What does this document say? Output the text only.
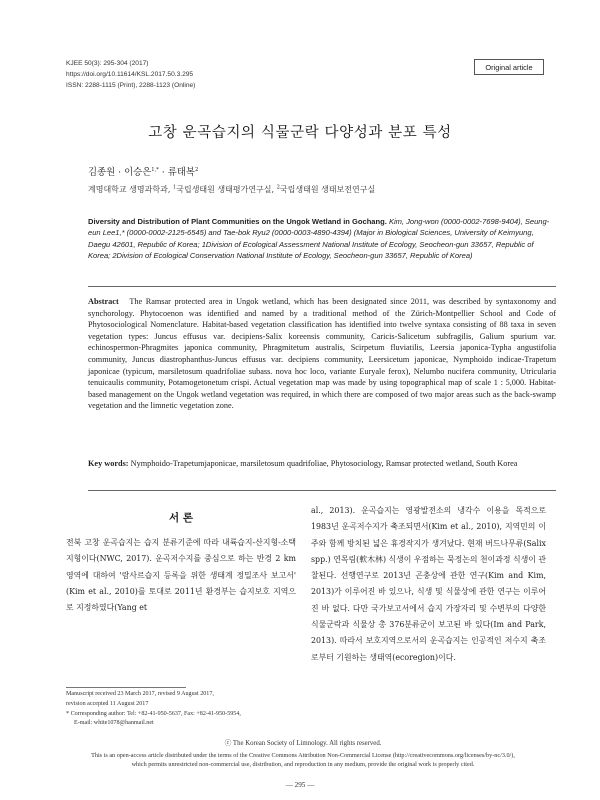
KJEE 50(3): 295-304 (2017)
https://doi.org/10.11614/KSL.2017.50.3.295
ISSN: 2288-1115 (Print), 2288-1123 (Online)
Original article
고창 운곡습지의 식물군락 다양성과 분포 특성
김종원 · 이승은$^{1,*}$ · 류태복$^2$
계명대학교 생명과학과, $^1$국립생태원 생태평가연구실, $^2$국립생태원 생태보전연구실
Diversity and Distribution of Plant Communities on the Ungok Wetland in Gochang. Kim, Jong-won (0000-0002-7698-9404), Seung-eun Lee1,* (0000-0002-2125-6545) and Tae-bok Ryu2 (0000-0003-4890-4394) (Major in Biological Sciences, University of Keimyung, Daegu 42601, Republic of Korea; 1Division of Ecological Assessment National Institute of Ecology, Seocheon-gun 33657, Republic of Korea; 2Division of Ecological Conservation National Institute of Ecology, Seocheon-gun 33657, Republic of Korea)
Abstract The Ramsar protected area in Ungok wetland, which has been designated since 2011, was described by syntaxonomy and synchorology. Phytocoenon was identified and named by a traditional method of the Zürich-Montpellier School and Code of Phytosociological Nomenclature. Habitat-based vegetation classification has identified into twelve syntaxa consisting of 88 taxa in seven vegetation types: Juncus effusus var. decipiens-Salix koreensis community, Caricis-Salicetum subfragilis, Galium spurium var. echinospermon-Phragmites japonica community, Phragmitetum australis, Scirpetum fluviatilis, Leersia japonica-Typha angustifolia community, Juncus diastrophanthus-Juncus effusus var. decipiens community, Leersicetum japonicae, Nymphoido indicae-Trapetum japonicae (typicum, marsiletosum quadrifoliae subass. nova hoc loco, variante Euryale ferox), Nelumbo nucifera community, Utricularia tenuicaulis community, Potamogetonetum crispi. Actual vegetation map was made by using topographical map of scale 1 : 5,000. Habitat-based management on the Ungok wetland vegetation was required, in which there are composed of two major areas such as the back-swamp vegetation and the limnetic vegetation zone.
Key words: Nymphoido-Trapetumjaponicae, marsiletosum quadrifoliae, Phytosociology, Ramsar protected wetland, South Korea
서 론
전북 고창 운곡습지는 습지 분류기준에 따라 내륙습지-산지형-소택지형이다(NWC, 2017). 운곡저수지를 중심으로 하는 반경 2 km 영역에 대하여 '람사르습지 등록을 위한 생태계 정밀조사 보고서' (Kim et al., 2010)를 토대로 2011년 환경부는 습지보호 지역으로 지정하였다(Yang et
al., 2013). 운곡습지는 영광발전소의 냉각수 이용을 목적으로 1983년 운곡저수지가 축조되면서(Kim et al., 2010), 지역민의 이주와 함께 방치된 넓은 휴경작지가 생겨났다. 현재 버드나무류(Salix spp.) 연목림(軟木林) 식생이 우점하는 묵정논의 천이과정 식생이 관찰된다. 선행연구로 2013년 곤충상에 관한 연구(Kim and Kim, 2013)가 이루어진 바 있으나, 식생 및 식물상에 관한 연구는 이루어진 바 없다. 다만 국가보고서에서 습지 가장자리 및 수변부의 다양한 식물군락과 식물상 총 376분류군이 보고된 바 있다(Im and Park, 2013). 따라서 보호지역으로서의 운곡습지는 인공적인 저수지 축조로부터 기원하는 생태역(ecoregion)이다.
Manuscript received 23 March 2017, revised 9 August 2017,
revision accepted 11 August 2017
* Corresponding author: Tel: +82-41-950-5637, Fax: +82-41-950-5954,
E-mail: white1078@hanmail.net
ⓒ The Korean Society of Limnology. All rights reserved.
This is an open-access article distributed under the terms of the Creative Commons Attribution Non-Commercial License (http://creativecommons.org/licenses/by-nc/3.0/),
which permits unrestricted non-commercial use, distribution, and reproduction in any medium, provide the original work is properly cited.
— 295 —
